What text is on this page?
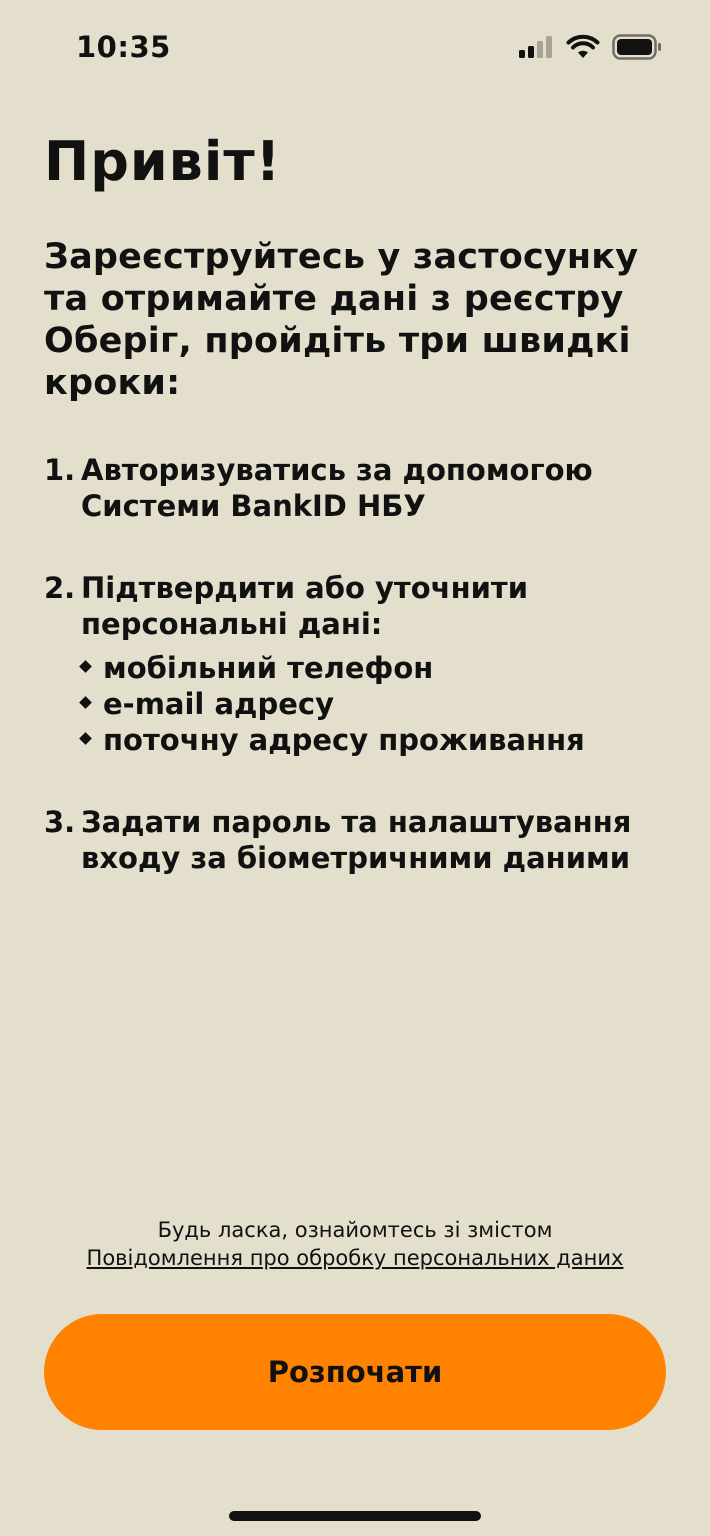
10:35
Привіт!

Зареєструйтесь у застосунку та отримайте дані з реєстру Оберіг, пройдіть три швидкі кроки:

1. Авторизуватись за допомогою Системи BankID НБУ
2. Підтвердити або уточнити персональні дані:
мобільний телефон
e-mail адресу
поточну адресу проживання
3. Задати пароль та налаштування входу за біометричними даними
Будь ласка, ознайомтесь зі змістом
Повідомлення про обробку персональних даних
Розпочати
